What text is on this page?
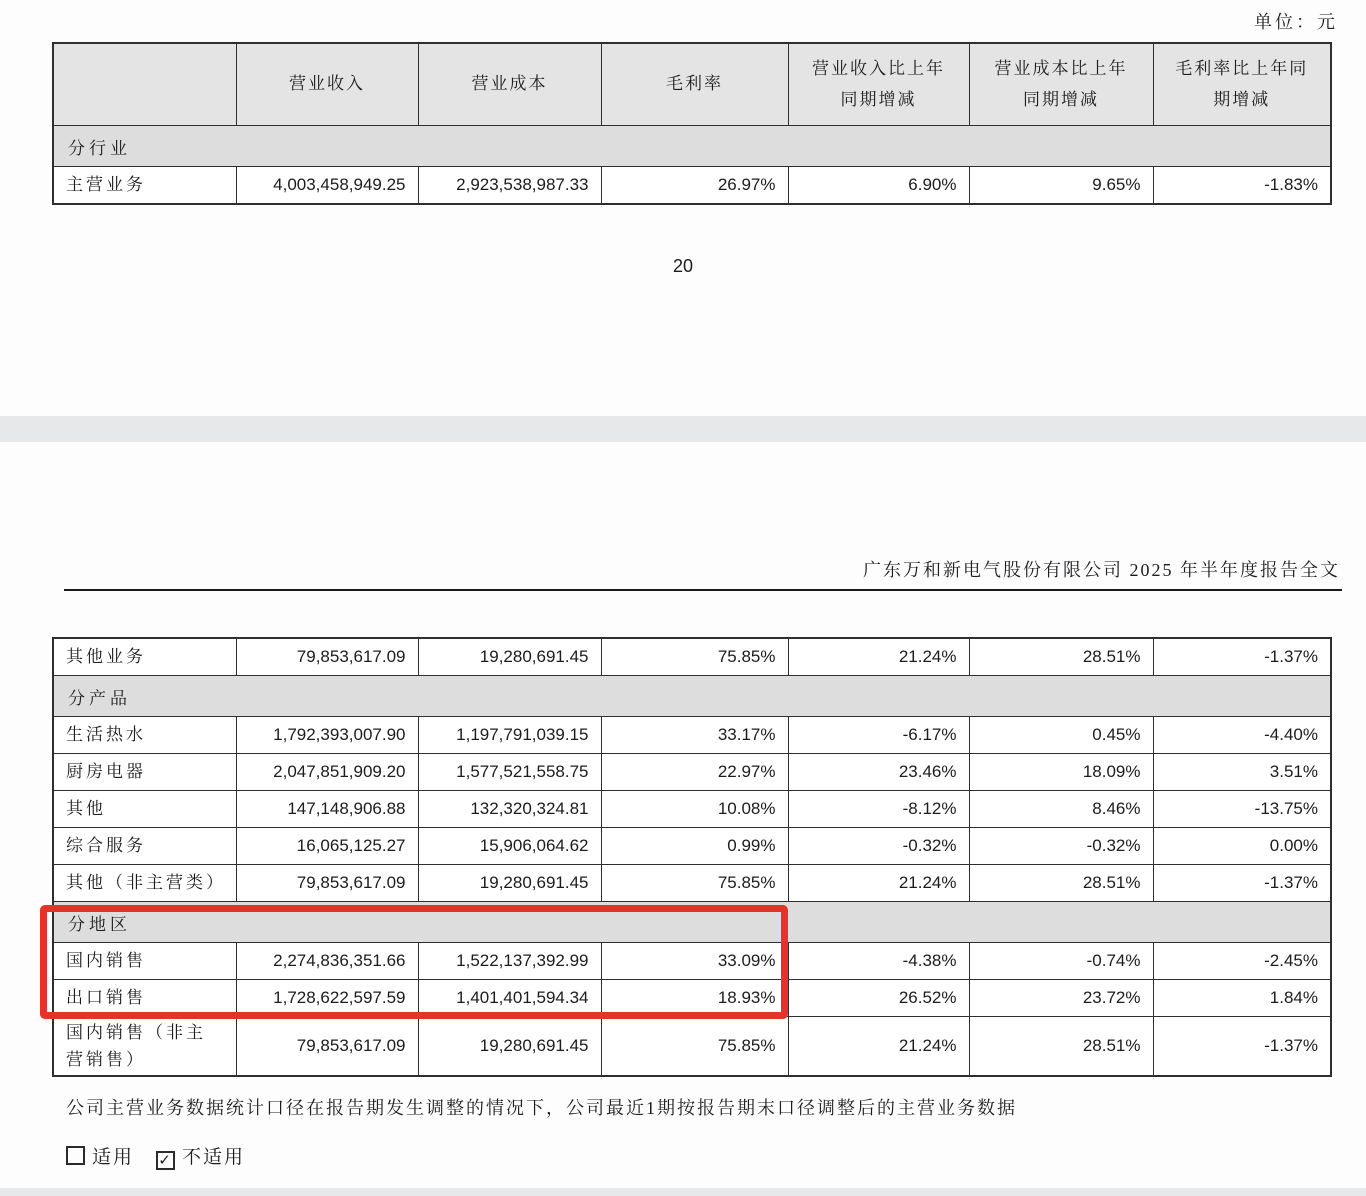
单位：元
	营业收入	营业成本	毛利率	营业收入比上年同期增减	营业成本比上年同期增减	毛利率比上年同期增减
分行业						
主营业务	4,003,458,949.25	2,923,538,987.33	26.97%	6.90%	9.65%	-1.83%
20
广东万和新电气股份有限公司 2025 年半年度报告全文
其他业务	79,853,617.09	19,280,691.45	75.85%	21.24%	28.51%	-1.37%
分产品						
生活热水	1,792,393,007.90	1,197,791,039.15	33.17%	-6.17%	0.45%	-4.40%
厨房电器	2,047,851,909.20	1,577,521,558.75	22.97%	23.46%	18.09%	3.51%
其他	147,148,906.88	132,320,324.81	10.08%	-8.12%	8.46%	-13.75%
综合服务	16,065,125.27	15,906,064.62	0.99%	-0.32%	-0.32%	0.00%
其他（非主营类）	79,853,617.09	19,280,691.45	75.85%	21.24%	28.51%	-1.37%
分地区						
国内销售	2,274,836,351.66	1,522,137,392.99	33.09%	-4.38%	-0.74%	-2.45%
出口销售	1,728,622,597.59	1,401,401,594.34	18.93%	26.52%	23.72%	1.84%
国内销售（非主营销售）	79,853,617.09	19,280,691.45	75.85%	21.24%	28.51%	-1.37%
公司主营业务数据统计口径在报告期发生调整的情况下，公司最近1期按报告期末口径调整后的主营业务数据
适用 ✓ 不适用
